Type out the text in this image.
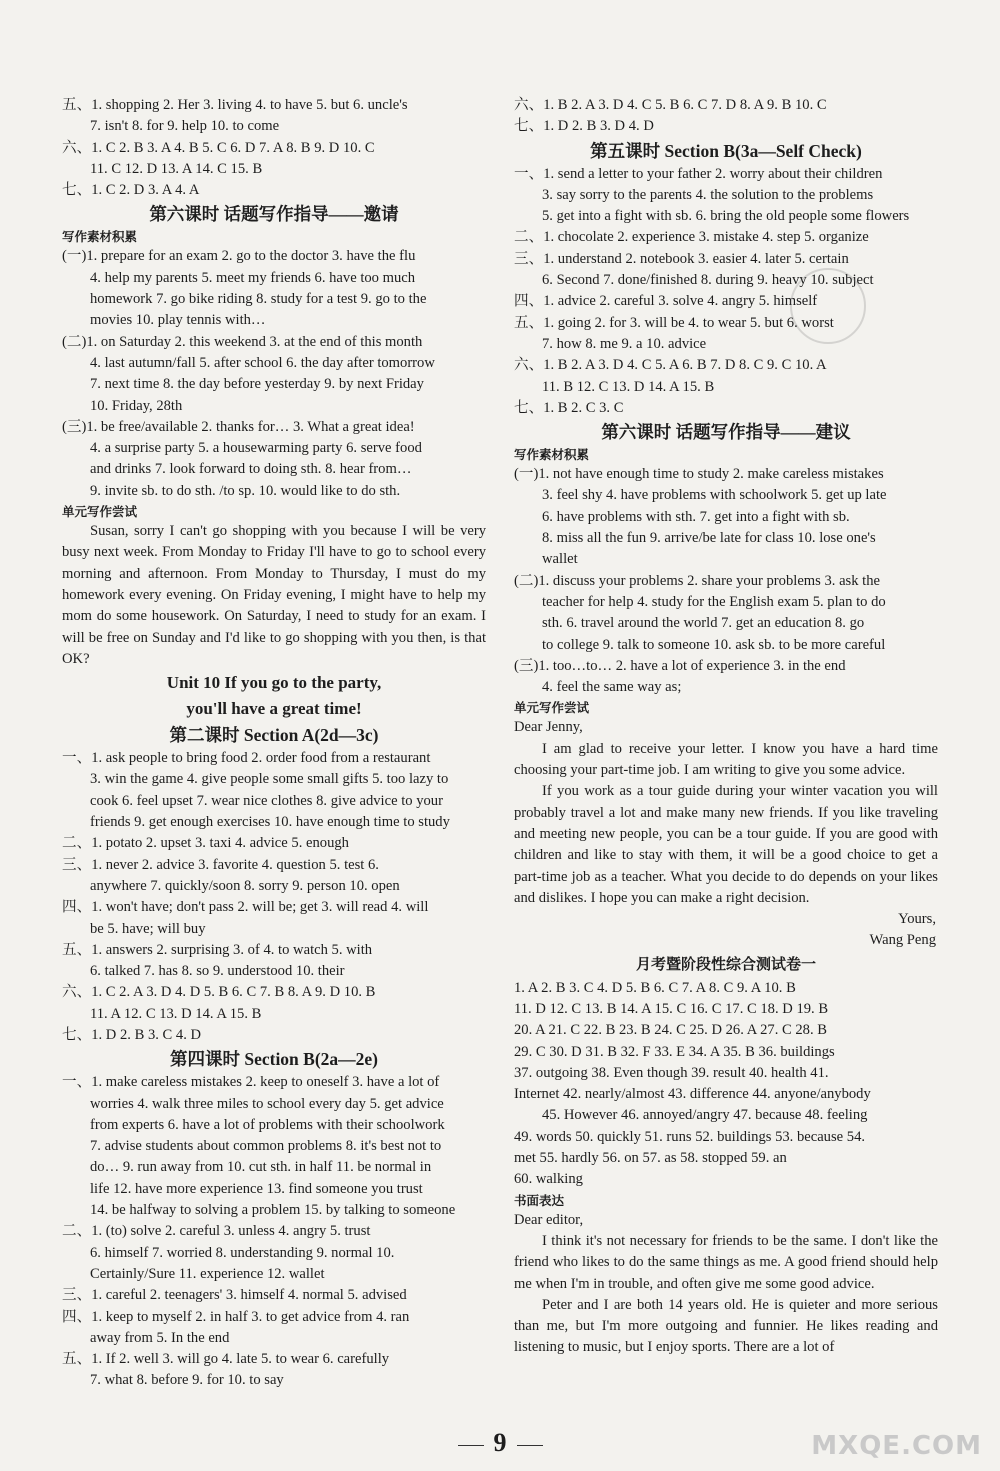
五、1. shopping 2. Her 3. living 4. to have 5. but 6. uncle's
7. isn't 8. for 9. help 10. to come
六、1. C 2. B 3. A 4. B 5. C 6. D 7. A 8. B 9. D 10. C
11. C 12. D 13. A 14. C 15. B
七、1. C 2. D 3. A 4. A
第六课时 话题写作指导——邀请
写作素材积累
(一)1. prepare for an exam 2. go to the doctor 3. have the flu
4. help my parents 5. meet my friends 6. have too much
homework 7. go bike riding 8. study for a test 9. go to the
movies 10. play tennis with…
(二)1. on Saturday 2. this weekend 3. at the end of this month
4. last autumn/fall 5. after school 6. the day after tomorrow
7. next time 8. the day before yesterday 9. by next Friday
10. Friday, 28th
(三)1. be free/available 2. thanks for… 3. What a great idea!
4. a surprise party 5. a housewarming party 6. serve food
and drinks 7. look forward to doing sth. 8. hear from…
9. invite sb. to do sth. /to sp. 10. would like to do sth.
单元写作尝试
Susan, sorry I can't go shopping with you because I will be very busy next week. From Monday to Friday I'll have to go to school every morning and afternoon. From Monday to Thursday, I must do my homework every evening. On Friday evening, I might have to help my mom do some housework. On Saturday, I need to study for an exam. I will be free on Sunday and I'd like to go shopping with you then, is that OK?
Unit 10 If you go to the party,
you'll have a great time!
第二课时 Section A(2d—3c)
一、1. ask people to bring food 2. order food from a restaurant
3. win the game 4. give people some small gifts 5. too lazy to
cook 6. feel upset 7. wear nice clothes 8. give advice to your
friends 9. get enough exercises 10. have enough time to study
二、1. potato 2. upset 3. taxi 4. advice 5. enough
三、1. never 2. advice 3. favorite 4. question 5. test 6.
anywhere 7. quickly/soon 8. sorry 9. person 10. open
四、1. won't have; don't pass 2. will be; get 3. will read 4. will
be 5. have; will buy
五、1. answers 2. surprising 3. of 4. to watch 5. with
6. talked 7. has 8. so 9. understood 10. their
六、1. C 2. A 3. D 4. D 5. B 6. C 7. B 8. A 9. D 10. B
11. A 12. C 13. D 14. A 15. B
七、1. D 2. B 3. C 4. D
第四课时 Section B(2a—2e)
一、1. make careless mistakes 2. keep to oneself 3. have a lot of
worries 4. walk three miles to school every day 5. get advice
from experts 6. have a lot of problems with their schoolwork
7. advise students about common problems 8. it's best not to
do… 9. run away from 10. cut sth. in half 11. be normal in
life 12. have more experience 13. find someone you trust
14. be halfway to solving a problem 15. by talking to someone
二、1. (to) solve 2. careful 3. unless 4. angry 5. trust
6. himself 7. worried 8. understanding 9. normal 10.
Certainly/Sure 11. experience 12. wallet
三、1. careful 2. teenagers' 3. himself 4. normal 5. advised
四、1. keep to myself 2. in half 3. to get advice from 4. ran
away from 5. In the end
五、1. If 2. well 3. will go 4. late 5. to wear 6. carefully
7. what 8. before 9. for 10. to say
六、1. B 2. A 3. D 4. C 5. B 6. C 7. D 8. A 9. B 10. C
七、1. D 2. B 3. D 4. D
第五课时 Section B(3a—Self Check)
一、1. send a letter to your father 2. worry about their children
3. say sorry to the parents 4. the solution to the problems
5. get into a fight with sb. 6. bring the old people some flowers
二、1. chocolate 2. experience 3. mistake 4. step 5. organize
三、1. understand 2. notebook 3. easier 4. later 5. certain
6. Second 7. done/finished 8. during 9. heavy 10. subject
四、1. advice 2. careful 3. solve 4. angry 5. himself
五、1. going 2. for 3. will be 4. to wear 5. but 6. worst
7. how 8. me 9. a 10. advice
六、1. B 2. A 3. D 4. C 5. A 6. B 7. D 8. C 9. C 10. A
11. B 12. C 13. D 14. A 15. B
七、1. B 2. C 3. C
第六课时 话题写作指导——建议
写作素材积累
(一)1. not have enough time to study 2. make careless mistakes
3. feel shy 4. have problems with schoolwork 5. get up late
6. have problems with sth. 7. get into a fight with sb.
8. miss all the fun 9. arrive/be late for class 10. lose one's
wallet
(二)1. discuss your problems 2. share your problems 3. ask the
teacher for help 4. study for the English exam 5. plan to do
sth. 6. travel around the world 7. get an education 8. go
to college 9. talk to someone 10. ask sb. to be more careful
(三)1. too…to… 2. have a lot of experience 3. in the end
4. feel the same way as;
单元写作尝试
Dear Jenny,
I am glad to receive your letter. I know you have a hard time choosing your part-time job. I am writing to give you some advice.
If you work as a tour guide during your winter vacation you will probably travel a lot and make many new friends. If you like traveling and meeting new people, you can be a tour guide. If you are good with children and like to stay with them, it will be a good choice to get a part-time job as a teacher. What you decide to do depends on your likes and dislikes. I hope you can make a right decision.
Yours,
Wang Peng
月考暨阶段性综合测试卷一
1. A 2. B 3. C 4. D 5. B 6. C 7. A 8. C 9. A 10. B
11. D 12. C 13. B 14. A 15. C 16. C 17. C 18. D 19. B
20. A 21. C 22. B 23. B 24. C 25. D 26. A 27. C 28. B
29. C 30. D 31. B 32. F 33. E 34. A 35. B 36. buildings
37. outgoing 38. Even though 39. result 40. health 41.
Internet 42. nearly/almost 43. difference 44. anyone/anybody
45. However 46. annoyed/angry 47. because 48. feeling
49. words 50. quickly 51. runs 52. buildings 53. because 54.
met 55. hardly 56. on 57. as 58. stopped 59. an
60. walking
书面表达
Dear editor,
I think it's not necessary for friends to be the same. I don't like the friend who likes to do the same things as me. A good friend should help me when I'm in trouble, and often give me some good advice.
Peter and I are both 14 years old. He is quieter and more serious than me, but I'm more outgoing and funnier. He likes reading and listening to music, but I enjoy sports. There are a lot of
9	MXQE.COM
